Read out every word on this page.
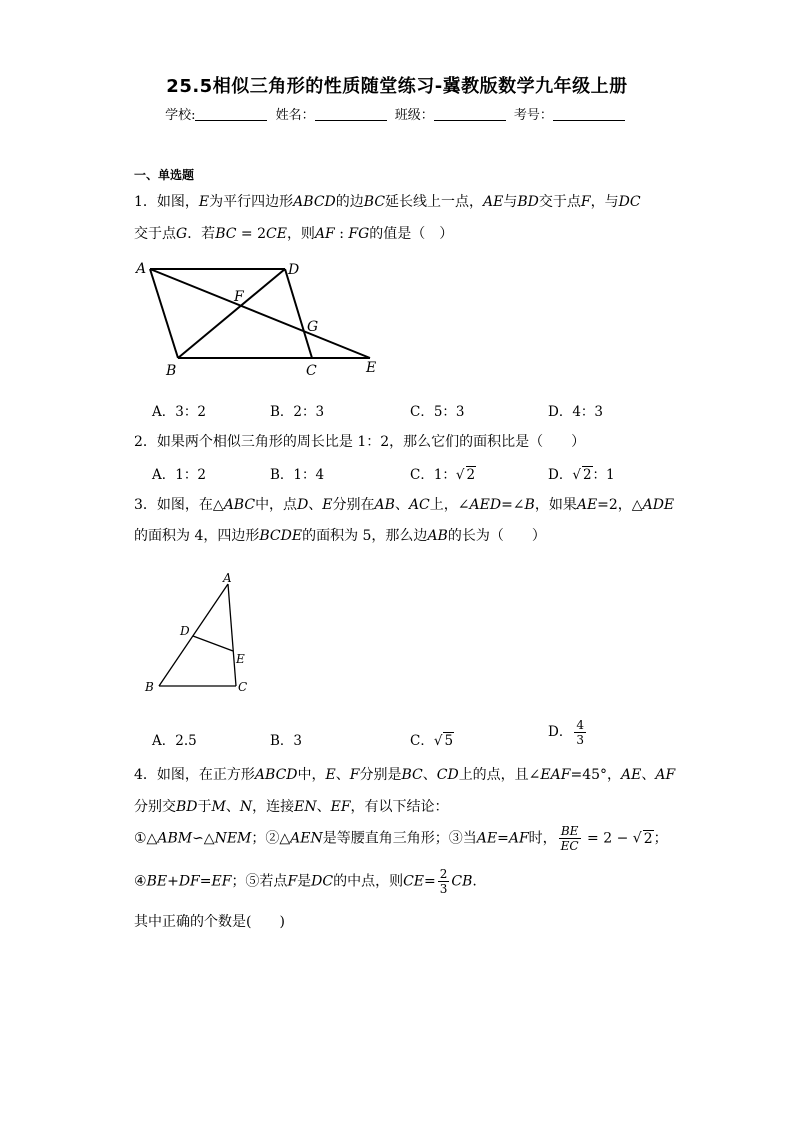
25.5相似三角形的性质随堂练习-冀教版数学九年级上册
学校:	姓名：	班级：	考号：
一、单选题
1．如图，E为平行四边形ABCD的边BC延长线上一点，AE与BD交于点F，与DC
交于点G．若BC = 2CE，则AF : FG的值是（　）
A	D
F
G
B	C	E
A．3：2	B．2：3	C．5：3	D．4：3
2．如果两个相似三角形的周长比是 1：2，那么它们的面积比是（　　）
A．1：2	B．1：4	C．1：√ 2	D．√ 2：1
3．如图，在△ABC中，点D、E分别在AB、AC上，∠AED=∠B，如果AE=2，△ADE
的面积为 4，四边形BCDE的面积为 5，那么边AB的长为（　　）
A
D
E
B	C
A．2.5	B．3	C．√ 5
D． $\frac{4}{3}$
4．如图，在正方形ABCD中，E、F分别是BC、CD上的点，且∠EAF=45°，AE、AF
分别交BD于M、N，连接EN、EF，有以下结论：
①△ABM∽△NEM；②△AEN是等腰直角三角形；③当AE=AF时， $\frac{BE}{EC} = 2$ − √ 2；
④BE+DF=EF；⑤若点F是DC的中点，则$CE= \frac{2}{3}$ CB.
其中正确的个数是(　　)
